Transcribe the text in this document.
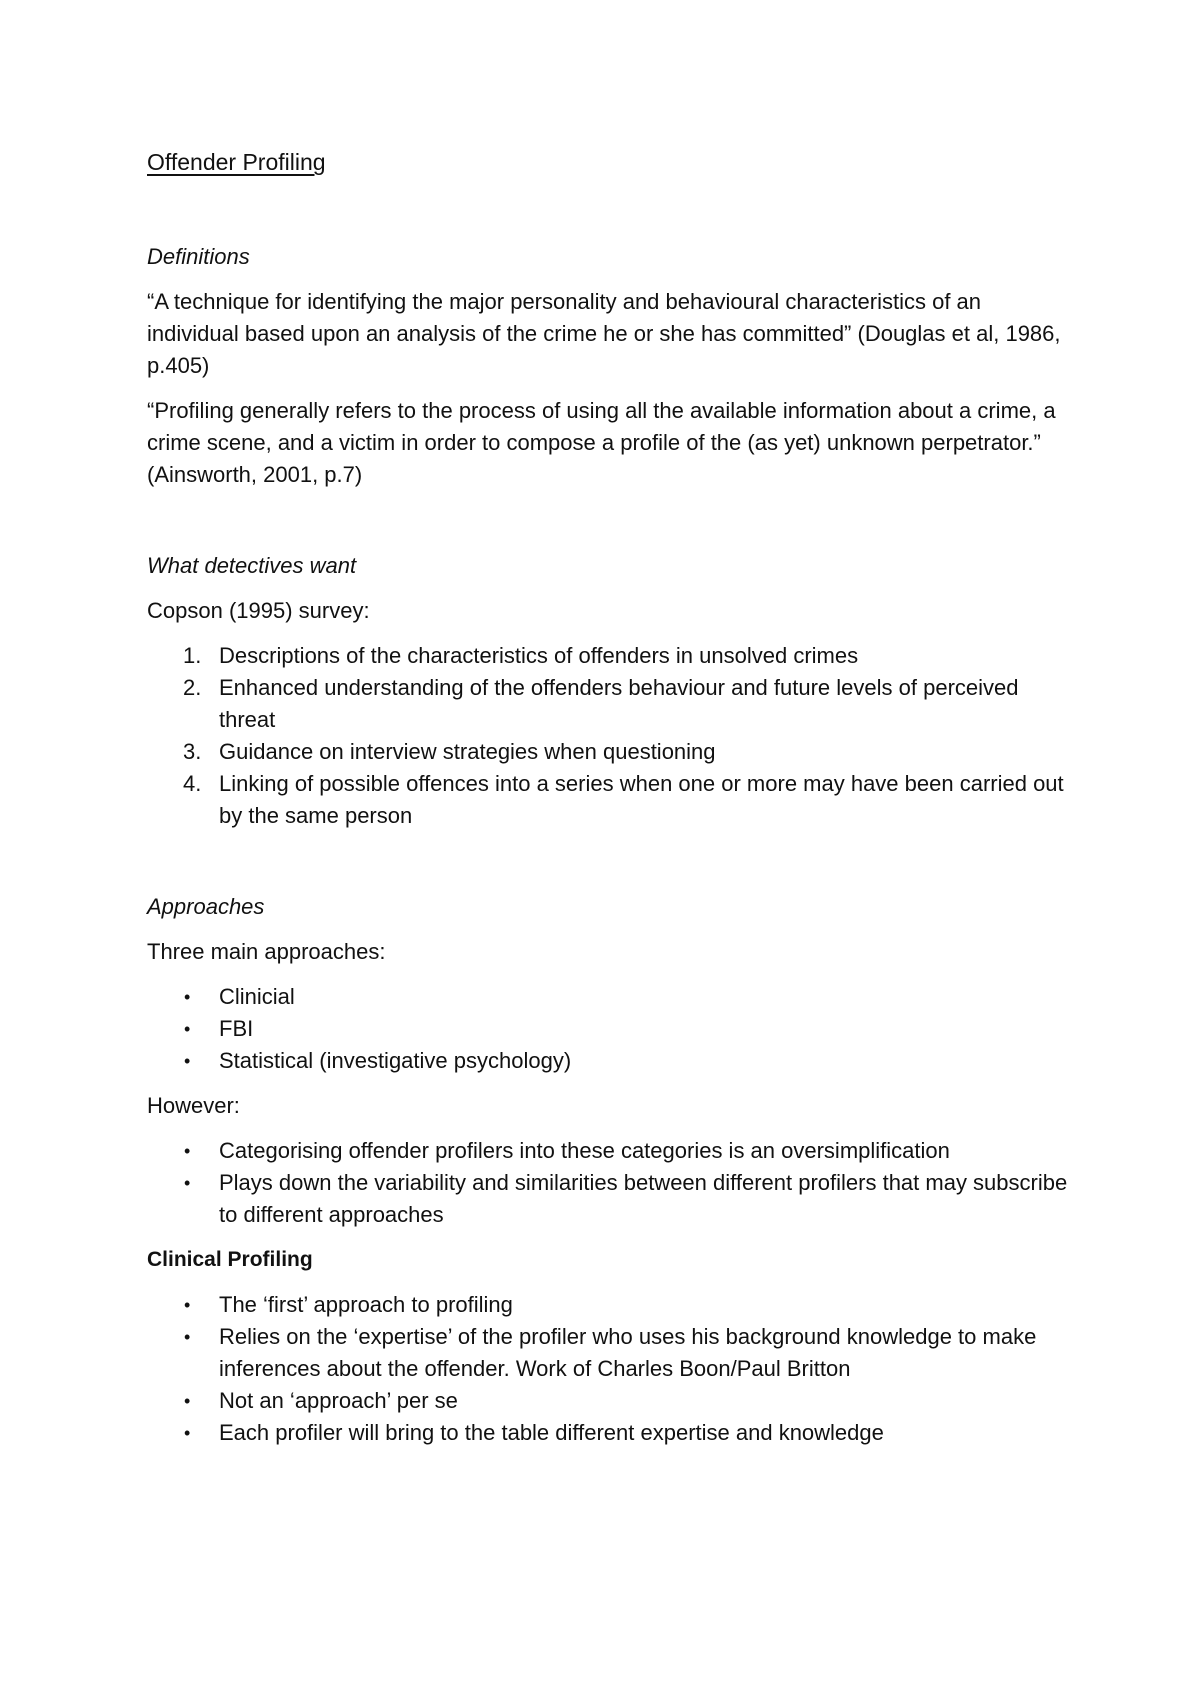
Offender Profiling
Definitions

“A technique for identifying the major personality and behavioural characteristics of an individual based upon an analysis of the crime he or she has committed” (Douglas et al, 1986, p.405)

“Profiling generally refers to the process of using all the available information about a crime, a crime scene, and a victim in order to compose a profile of the (as yet) unknown perpetrator.” (Ainsworth, 2001, p.7)

What detectives want

Copson (1995) survey:

1. Descriptions of the characteristics of offenders in unsolved crimes
2. Enhanced understanding of the offenders behaviour and future levels of perceived threat
3. Guidance on interview strategies when questioning
4. Linking of possible offences into a series when one or more may have been carried out by the same person
Approaches

Three main approaches:

• Clinicial
• FBI
• Statistical (investigative psychology)

However:

• Categorising offender profilers into these categories is an oversimplification
• Plays down the variability and similarities between different profilers that may subscribe to different approaches
Clinical Profiling
• The ‘first’ approach to profiling
• Relies on the ‘expertise’ of the profiler who uses his background knowledge to make inferences about the offender. Work of Charles Boon/Paul Britton
• Not an ‘approach’ per se
• Each profiler will bring to the table different expertise and knowledge
